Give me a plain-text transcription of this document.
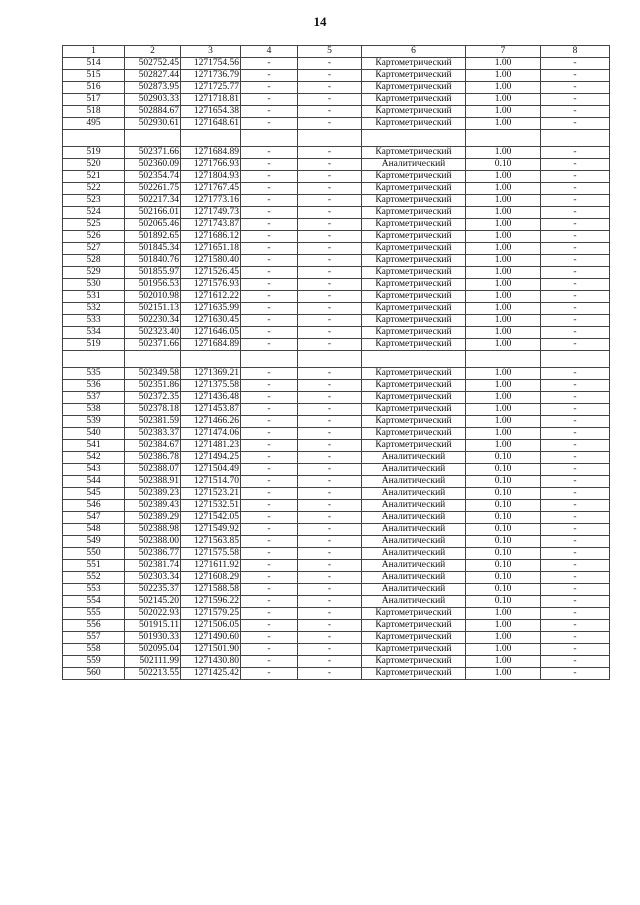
14
1	2	3	4	5	6	7	8
514	502752.45	1271754.56	-	-	Картометрический	1.00	-
515	502827.44	1271736.79	-	-	Картометрический	1.00	-
516	502873.95	1271725.77	-	-	Картометрический	1.00	-
517	502903.33	1271718.81	-	-	Картометрический	1.00	-
518	502884.67	1271654.38	-	-	Картометрический	1.00	-
495	502930.61	1271648.61	-	-	Картометрический	1.00	-

519	502371.66	1271684.89	-	-	Картометрический	1.00	-
520	502360.09	1271766.93	-	-	Аналитический	0.10	-
521	502354.74	1271804.93	-	-	Картометрический	1.00	-
522	502261.75	1271767.45	-	-	Картометрический	1.00	-
523	502217.34	1271773.16	-	-	Картометрический	1.00	-
524	502166.01	1271749.73	-	-	Картометрический	1.00	-
525	502065.46	1271743.87	-	-	Картометрический	1.00	-
526	501892.65	1271686.12	-	-	Картометрический	1.00	-
527	501845.34	1271651.18	-	-	Картометрический	1.00	-
528	501840.76	1271580.40	-	-	Картометрический	1.00	-
529	501855.97	1271526.45	-	-	Картометрический	1.00	-
530	501956.53	1271576.93	-	-	Картометрический	1.00	-
531	502010.98	1271612.22	-	-	Картометрический	1.00	-
532	502151.13	1271635.99	-	-	Картометрический	1.00	-
533	502230.34	1271630.45	-	-	Картометрический	1.00	-
534	502323.40	1271646.05	-	-	Картометрический	1.00	-
519	502371.66	1271684.89	-	-	Картометрический	1.00	-

535	502349.58	1271369.21	-	-	Картометрический	1.00	-
536	502351.86	1271375.58	-	-	Картометрический	1.00	-
537	502372.35	1271436.48	-	-	Картометрический	1.00	-
538	502378.18	1271453.87	-	-	Картометрический	1.00	-
539	502381.59	1271466.26	-	-	Картометрический	1.00	-
540	502383.37	1271474.06	-	-	Картометрический	1.00	-
541	502384.67	1271481.23	-	-	Картометрический	1.00	-
542	502386.78	1271494.25	-	-	Аналитический	0.10	-
543	502388.07	1271504.49	-	-	Аналитический	0.10	-
544	502388.91	1271514.70	-	-	Аналитический	0.10	-
545	502389.23	1271523.21	-	-	Аналитический	0.10	-
546	502389.43	1271532.51	-	-	Аналитический	0.10	-
547	502389.29	1271542.05	-	-	Аналитический	0.10	-
548	502388.98	1271549.92	-	-	Аналитический	0.10	-
549	502388.00	1271563.85	-	-	Аналитический	0.10	-
550	502386.77	1271575.58	-	-	Аналитический	0.10	-
551	502381.74	1271611.92	-	-	Аналитический	0.10	-
552	502303.34	1271608.29	-	-	Аналитический	0.10	-
553	502235.37	1271588.58	-	-	Аналитический	0.10	-
554	502145.20	1271596.22	-	-	Аналитический	0.10	-
555	502022.93	1271579.25	-	-	Картометрический	1.00	-
556	501915.11	1271506.05	-	-	Картометрический	1.00	-
557	501930.33	1271490.60	-	-	Картометрический	1.00	-
558	502095.04	1271501.90	-	-	Картометрический	1.00	-
559	502111.99	1271430.80	-	-	Картометрический	1.00	-
560	502213.55	1271425.42	-	-	Картометрический	1.00	-
